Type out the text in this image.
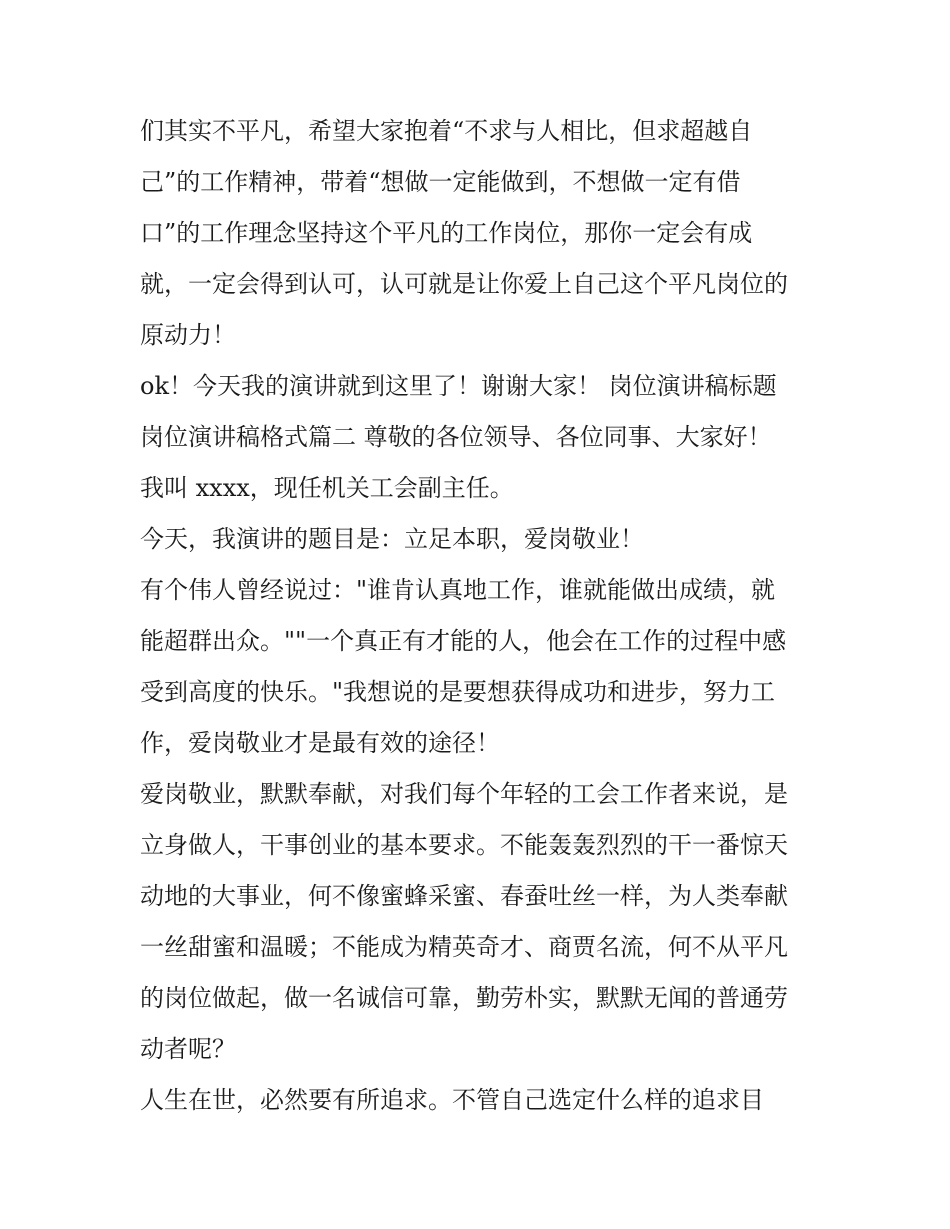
们其实不平凡，希望大家抱着“不求与人相比，但求超越自
己”的工作精神，带着“想做一定能做到，不想做一定有借
口”的工作理念坚持这个平凡的工作岗位，那你一定会有成
就，一定会得到认可，认可就是让你爱上自己这个平凡岗位的
原动力！
ok！今天我的演讲就到这里了！谢谢大家！ 岗位演讲稿标题
岗位演讲稿格式篇二 尊敬的各位领导、各位同事、大家好！
我叫 xxxx，现任机关工会副主任。
今天，我演讲的题目是：立足本职，爱岗敬业！
有个伟人曾经说过："谁肯认真地工作，谁就能做出成绩，就
能超群出众。""一个真正有才能的人，他会在工作的过程中感
受到高度的快乐。"我想说的是要想获得成功和进步，努力工
作，爱岗敬业才是最有效的途径！
爱岗敬业，默默奉献，对我们每个年轻的工会工作者来说，是
立身做人，干事创业的基本要求。不能轰轰烈烈的干一番惊天
动地的大事业，何不像蜜蜂采蜜、春蚕吐丝一样，为人类奉献
一丝甜蜜和温暖；不能成为精英奇才、商贾名流，何不从平凡
的岗位做起，做一名诚信可靠，勤劳朴实，默默无闻的普通劳
动者呢？
人生在世，必然要有所追求。不管自己选定什么样的追求目
